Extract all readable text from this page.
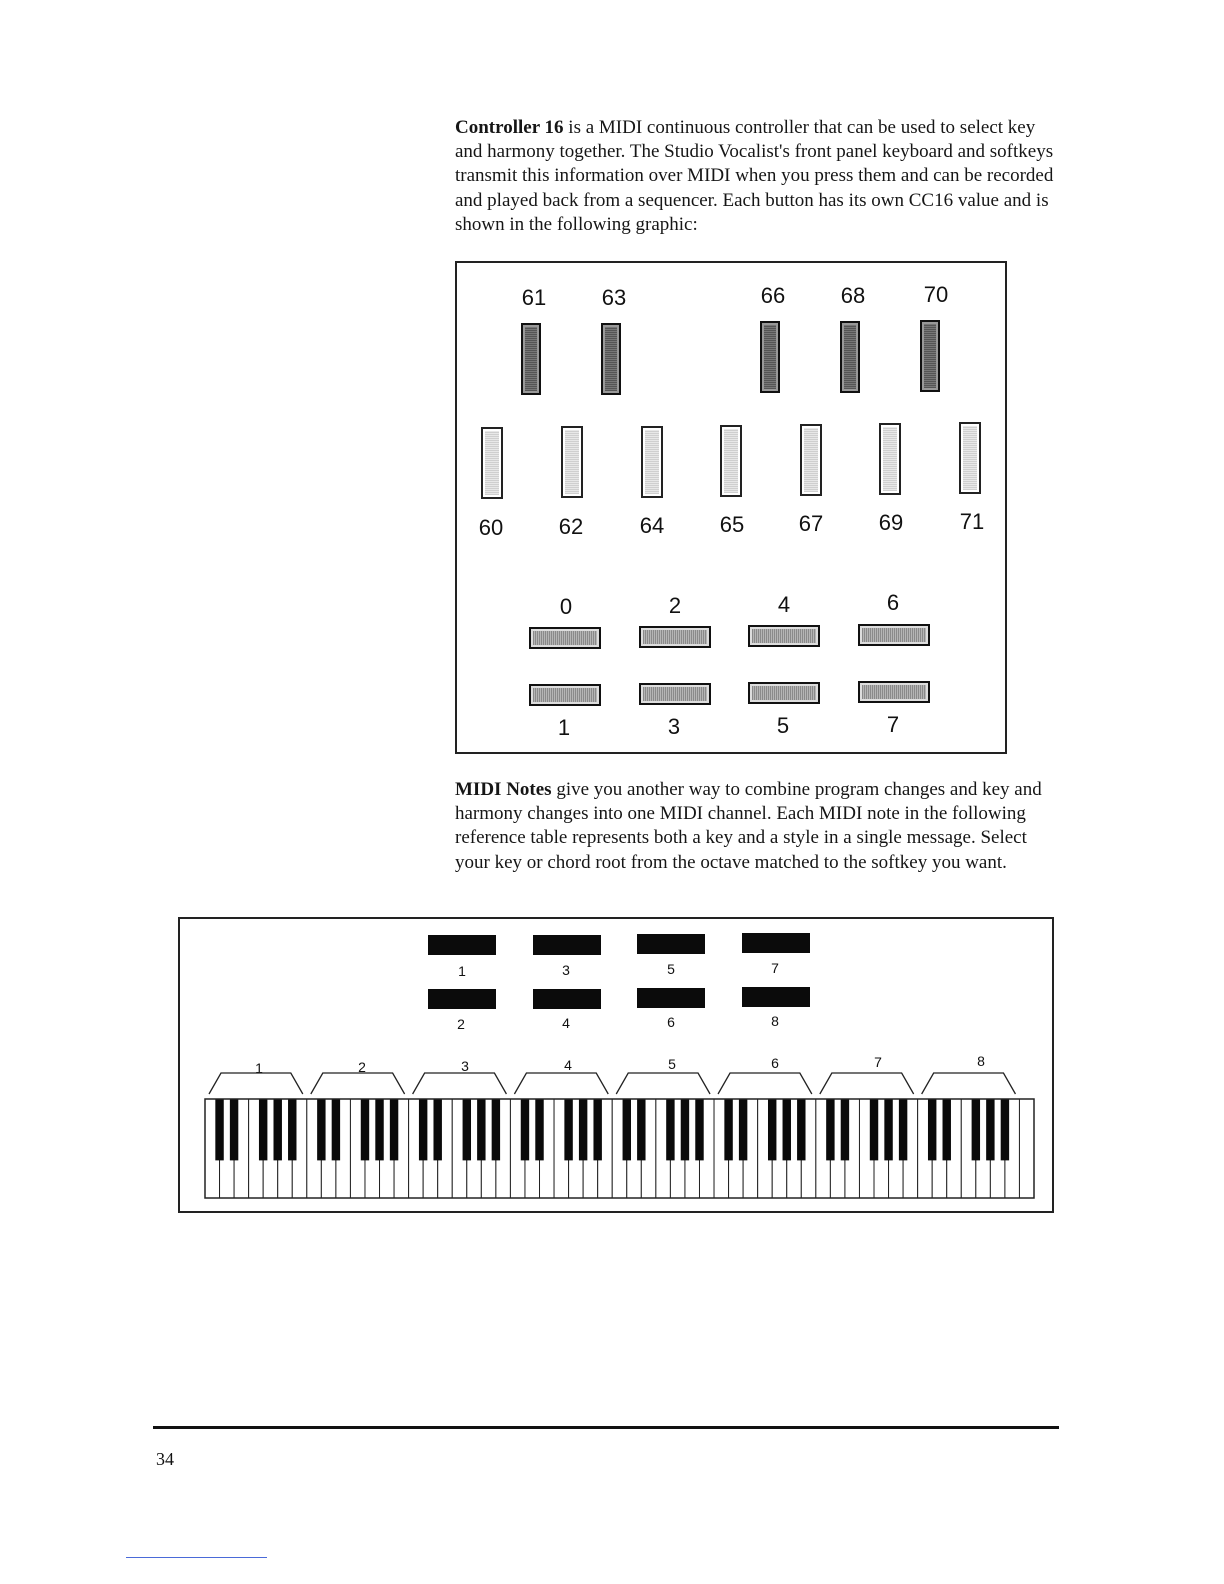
Controller 16 is a MIDI continuous controller that can be used to select key and harmony together. The Studio Vocalist's front panel keyboard and softkeys transmit this information over MIDI when you press them and can be recorded and played back from a sequencer. Each button has its own CC16 value and is shown in the following graphic:
61	63	66	68	70
60	62	64	65 67	69	71
0	2	4	6
1	3	5	7
MIDI Notes give you another way to combine program changes and key and harmony changes into one MIDI channel. Each MIDI note in the following reference table represents both a key and a style in a single message. Select your key or chord root from the octave matched to the softkey you want.
1	3	5	7
2	4	6	8
1	2	3	4	5	6	7	8
34
